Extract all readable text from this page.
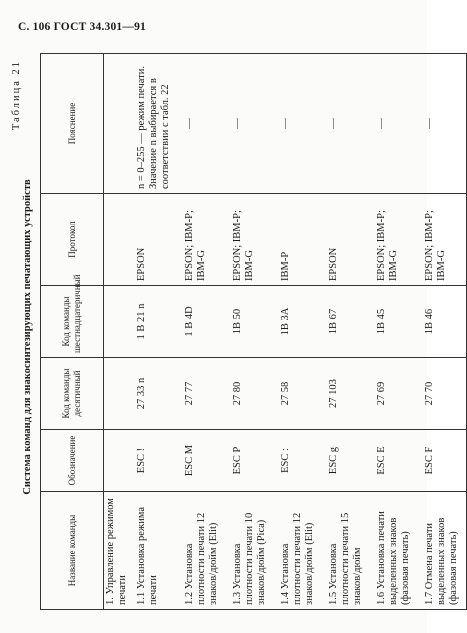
С. 106 ГОСТ 34.301—91
Таблица 21
Система команд для знакосинтезирующих печатающих устройств
Название команды	Обозначение	Код команды десятичный	Код команды шестнадцатеричный	Протокол	Пояснение
1. Управление режимом печати					
1.1 Установка режима печати	ESC !	27 33 n	1 B 21 n	EPSON	n = 0–255 — режим печати. Значение n выбирается в соответствии с табл. 22
1.2 Установка плотности печати 12 знаков/дюйм (Elit)	ESC M	27 77	1 B 4D	EPSON; IBM-P; IBM-G	—
1.3 Установка плотности печати 10 знаков/дюйм (Pica)	ESC P	27 80	1B 50	EPSON; IBM-P; IBM-G	—
1.4 Установка плотности печати 12 знаков/дюйм (Elit)	ESC :	27 58	1B 3A	IBM-P	—
1.5 Установка плотности печати 15 знаков/дюйм	ESC g	27 103	1B 67	EPSON	—
1.6 Установка печати выделенных знаков (фазовая печать)	ESC E	27 69	1B 45	EPSON; IBM-P; IBM-G	—
1.7 Отмена печати выделенных знаков (фазовая печать)	ESC F	27 70	1B 46	EPSON; IBM-P; IBM-G	—
